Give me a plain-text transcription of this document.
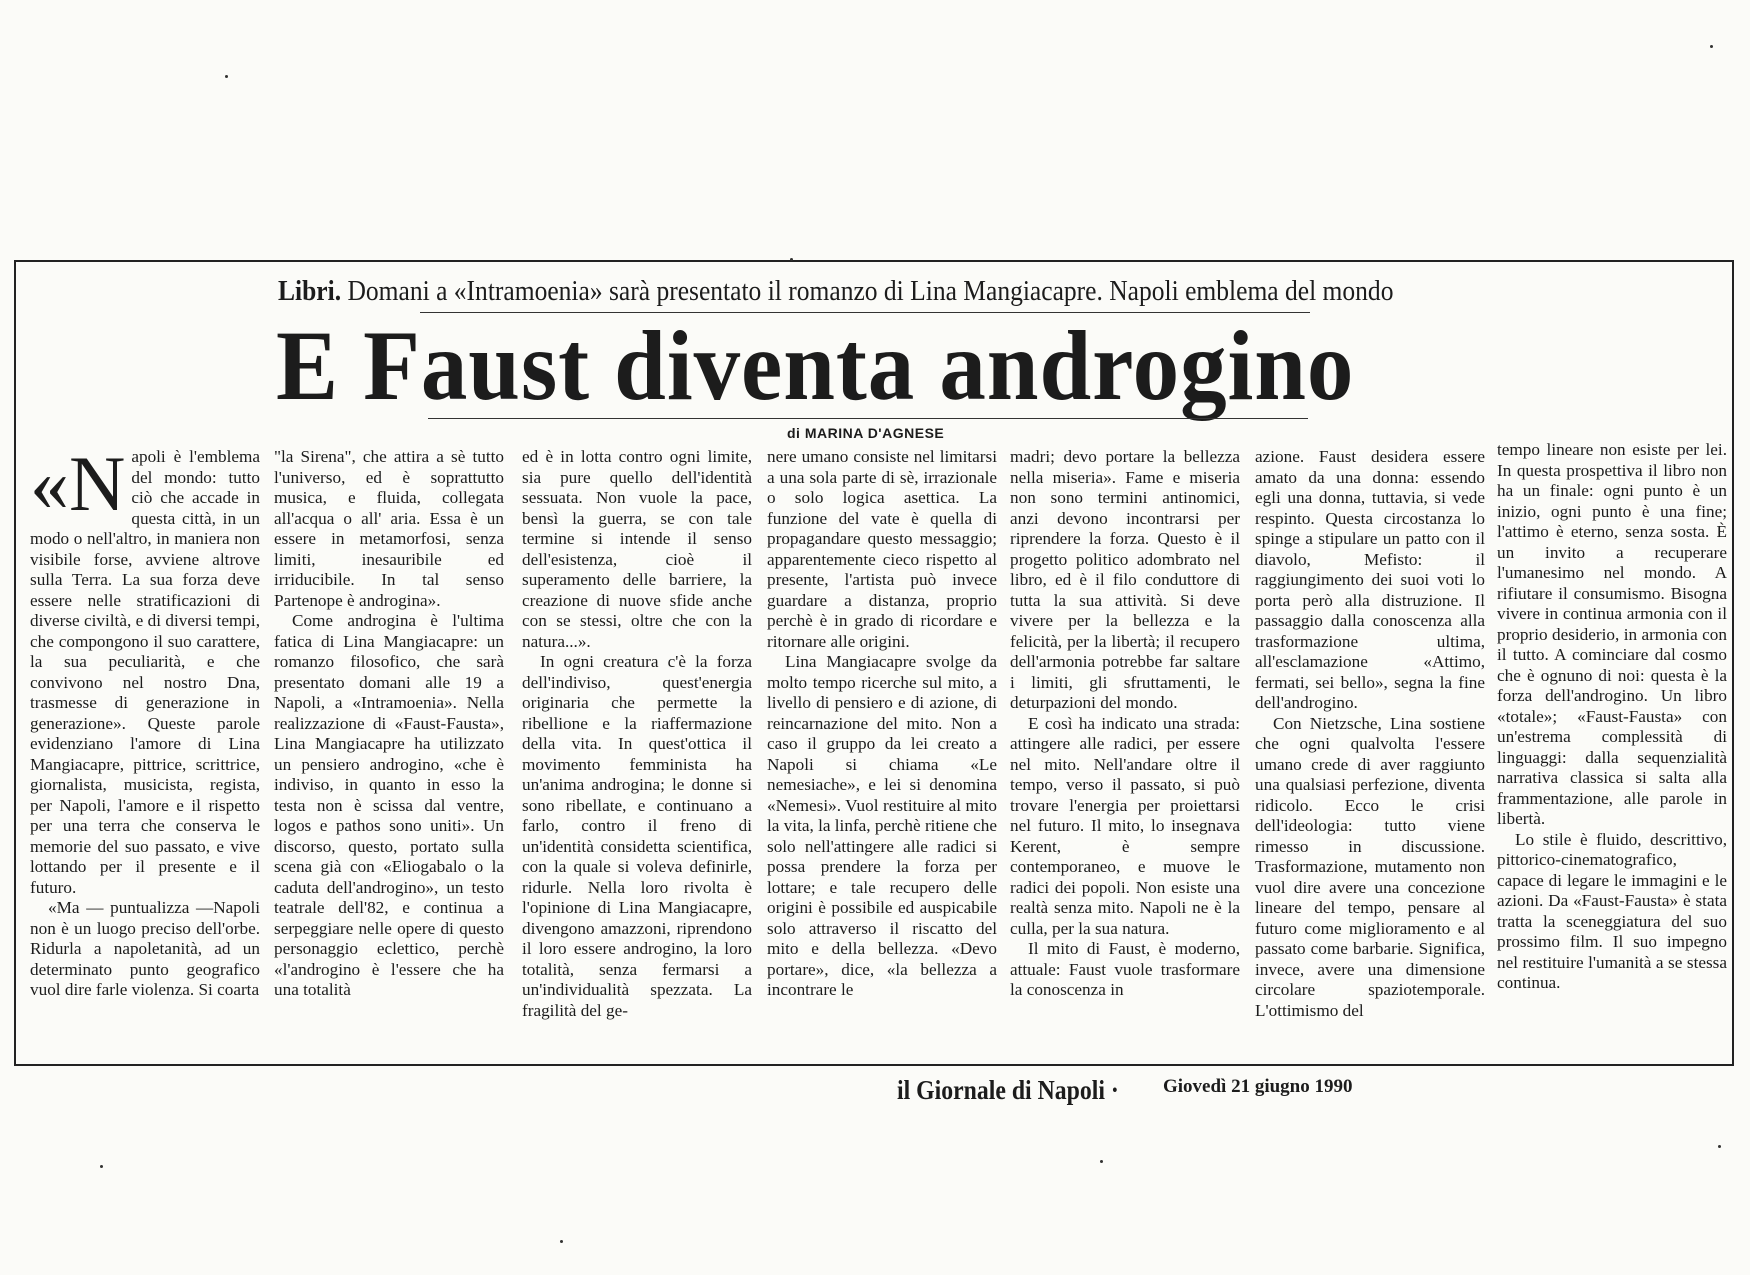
Libri. Domani a «Intramoenia» sarà presentato il romanzo di Lina Mangiacapre. Napoli emblema del mondo
E Faust diventa androgino
di MARINA D'AGNESE

«Napoli è l'emblema del mondo: tutto ciò che accade in questa città, in un modo o nell'altro, in maniera non visibile forse, avviene altrove sulla Terra. La sua forza deve essere nelle stratificazioni di diverse civiltà, e di diversi tempi, che compongono il suo carattere, la sua peculiarità, e che convivono nel nostro Dna, trasmesse di generazione in generazione». Queste parole evidenziano l'amore di Lina Mangiacapre, pittrice, scrittrice, giornalista, musicista, regista, per Napoli, l'amore e il rispetto per una terra che conserva le memorie del suo passato, e vive lottando per il presente e il futuro.

«Ma — puntualizza —Napoli non è un luogo preciso dell'orbe. Ridurla a napoletanità, ad un determinato punto geografico vuol dire farle violenza. Si coarta

"la Sirena", che attira a sè tutto l'universo, ed è soprattutto musica, e fluida, collegata all'acqua o all' aria. Essa è un essere in metamorfosi, senza limiti, inesauribile ed irriducibile. In tal senso Partenope è androgina».

Come androgina è l'ultima fatica di Lina Mangiacapre: un romanzo filosofico, che sarà presentato domani alle 19 a Napoli, a «Intramoenia». Nella realizzazione di «Faust-Fausta», Lina Mangiacapre ha utilizzato un pensiero androgino, «che è indiviso, in quanto in esso la testa non è scissa dal ventre, logos e pathos sono uniti». Un discorso, questo, portato sulla scena già con «Eliogabalo o la caduta dell'androgino», un testo teatrale dell'82, e continua a serpeggiare nelle opere di questo personaggio eclettico, perchè «l'androgino è l'essere che ha una totalità

ed è in lotta contro ogni limite, sia pure quello dell'identità sessuata. Non vuole la pace, bensì la guerra, se con tale termine si intende il senso dell'esistenza, cioè il superamento delle barriere, la creazione di nuove sfide anche con se stessi, oltre che con la natura...».

In ogni creatura c'è la forza dell'indiviso, quest'energia originaria che permette la ribellione e la riaffermazione della vita. In quest'ottica il movimento femminista ha un'anima androgina; le donne si sono ribellate, e continuano a farlo, contro il freno di un'identità considetta scientifica, con la quale si voleva definirle, ridurle. Nella loro rivolta è l'opinione di Lina Mangiacapre, divengono amazzoni, riprendono il loro essere androgino, la loro totalità, senza fermarsi a un'individualità spezzata. La fragilità del ge-

nere umano consiste nel limitarsi a una sola parte di sè, irrazionale o solo logica asettica. La funzione del vate è quella di propagandare questo messaggio; apparentemente cieco rispetto al presente, l'artista può invece guardare a distanza, proprio perchè è in grado di ricordare e ritornare alle origini.

Lina Mangiacapre svolge da molto tempo ricerche sul mito, a livello di pensiero e di azione, di reincarnazione del mito. Non a caso il gruppo da lei creato a Napoli si chiama «Le nemesiache», e lei si denomina «Nemesi». Vuol restituire al mito la vita, la linfa, perchè ritiene che solo nell'attingere alle radici si possa prendere la forza per lottare; e tale recupero delle origini è possibile ed auspicabile solo attraverso il riscatto del mito e della bellezza. «Devo portare», dice, «la bellezza a incontrare le

madri; devo portare la bellezza nella miseria». Fame e miseria non sono termini antinomici, anzi devono incontrarsi per riprendere la forza. Questo è il progetto politico adombrato nel libro, ed è il filo conduttore di tutta la sua attività. Si deve vivere per la bellezza e la felicità, per la libertà; il recupero dell'armonia potrebbe far saltare i limiti, gli sfruttamenti, le deturpazioni del mondo.

E così ha indicato una strada: attingere alle radici, per essere nel mito. Nell'andare oltre il tempo, verso il passato, si può trovare l'energia per proiettarsi nel futuro. Il mito, lo insegnava Kerent, è sempre contemporaneo, e muove le radici dei popoli. Non esiste una realtà senza mito. Napoli ne è la culla, per la sua natura.

Il mito di Faust, è moderno, attuale: Faust vuole trasformare la conoscenza in

azione. Faust desidera essere amato da una donna: essendo egli una donna, tuttavia, si vede respinto. Questa circostanza lo spinge a stipulare un patto con il diavolo, Mefisto: il raggiungimento dei suoi voti lo porta però alla distruzione. Il passaggio dalla conoscenza alla trasformazione ultima, all'esclamazione «Attimo, fermati, sei bello», segna la fine dell'androgino.

Con Nietzsche, Lina sostiene che ogni qualvolta l'essere umano crede di aver raggiunto una qualsiasi perfezione, diventa ridicolo. Ecco le crisi dell'ideologia: tutto viene rimesso in discussione. Trasformazione, mutamento non vuol dire avere una concezione lineare del tempo, pensare al futuro come miglioramento e al passato come barbarie. Significa, invece, avere una dimensione circolare spaziotemporale. L'ottimismo del

tempo lineare non esiste per lei. In questa prospettiva il libro non ha un finale: ogni punto è un inizio, ogni punto è una fine; l'attimo è eterno, senza sosta. È un invito a recuperare l'umanesimo nel mondo. A rifiutare il consumismo. Bisogna vivere in continua armonia con il proprio desiderio, in armonia con il tutto. A cominciare dal cosmo che è ognuno di noi: questa è la forza dell'androgino. Un libro «totale»; «Faust-Fausta» con un'estrema complessità di linguaggi: dalla sequenzialità narrativa classica si salta alla frammentazione, alle parole in libertà.

Lo stile è fluido, descrittivo, pittorico-cinematografico, capace di legare le immagini e le azioni. Da «Faust-Fausta» è stata tratta la sceneggiatura del suo prossimo film. Il suo impegno nel restituire l'umanità a se stessa continua.

il Giornale di Napoli · Giovedì 21 giugno 1990
